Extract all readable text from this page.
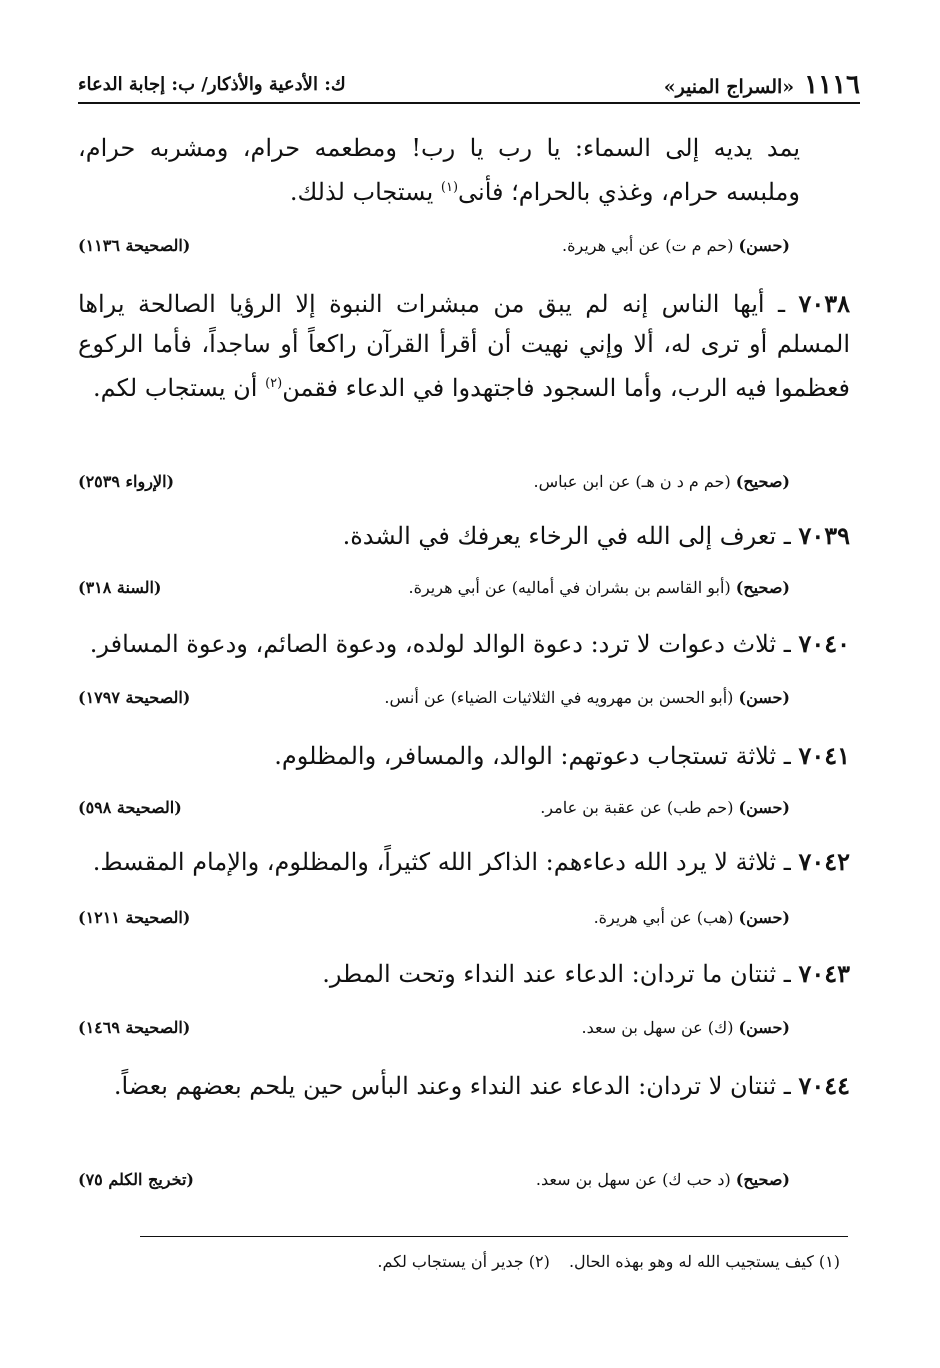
١١١٦
«السراج المنير»
ك: الأدعية والأذكار/ ب: إجابة الدعاء
يمد يديه إلى السماء: يا رب يا رب! ومطعمه حرام، ومشربه حرام، وملبسه حرام، وغذي بالحرام؛ فأنى$^{(١)}$ يستجاب لذلك.
(حسن) (حم م ت) عن أبي هريرة.
(الصحيحة ١١٣٦)
٧٠٣٨ ـ أيها الناس إنه لم يبق من مبشرات النبوة إلا الرؤيا الصالحة يراها المسلم أو ترى له، ألا وإني نهيت أن أقرأ القرآن راكعاً أو ساجداً، فأما الركوع فعظموا فيه الرب، وأما السجود فاجتهدوا في الدعاء فقمن$^{(٢)}$ أن يستجاب لكم.
(صحيح) (حم م د ن هـ) عن ابن عباس.
(الإرواء ٢٥٣٩)
٧٠٣٩ ـ تعرف إلى الله في الرخاء يعرفك في الشدة.
(صحيح) (أبو القاسم بن بشران في أماليه) عن أبي هريرة.
(السنة ٣١٨)
٧٠٤٠ ـ ثلاث دعوات لا ترد: دعوة الوالد لولده، ودعوة الصائم، ودعوة المسافر.
(حسن) (أبو الحسن بن مهرويه في الثلاثيات الضياء) عن أنس.
(الصحيحة ١٧٩٧)
٧٠٤١ ـ ثلاثة تستجاب دعوتهم: الوالد، والمسافر، والمظلوم.
(حسن) (حم طب) عن عقبة بن عامر.
(الصحيحة ٥٩٨)
٧٠٤٢ ـ ثلاثة لا يرد الله دعاءهم: الذاكر الله كثيراً، والمظلوم، والإمام المقسط.
(حسن) (هب) عن أبي هريرة.
(الصحيحة ١٢١١)
٧٠٤٣ ـ ثنتان ما تردان: الدعاء عند النداء وتحت المطر.
(حسن) (ك) عن سهل بن سعد.
(الصحيحة ١٤٦٩)
٧٠٤٤ ـ ثنتان لا تردان: الدعاء عند النداء وعند البأس حين يلحم بعضهم بعضاً.
(صحيح) (د حب ك) عن سهل بن سعد.
(تخريج الكلم ٧٥)
(١) كيف يستجيب الله له وهو بهذه الحال. (٢) جدير أن يستجاب لكم.
